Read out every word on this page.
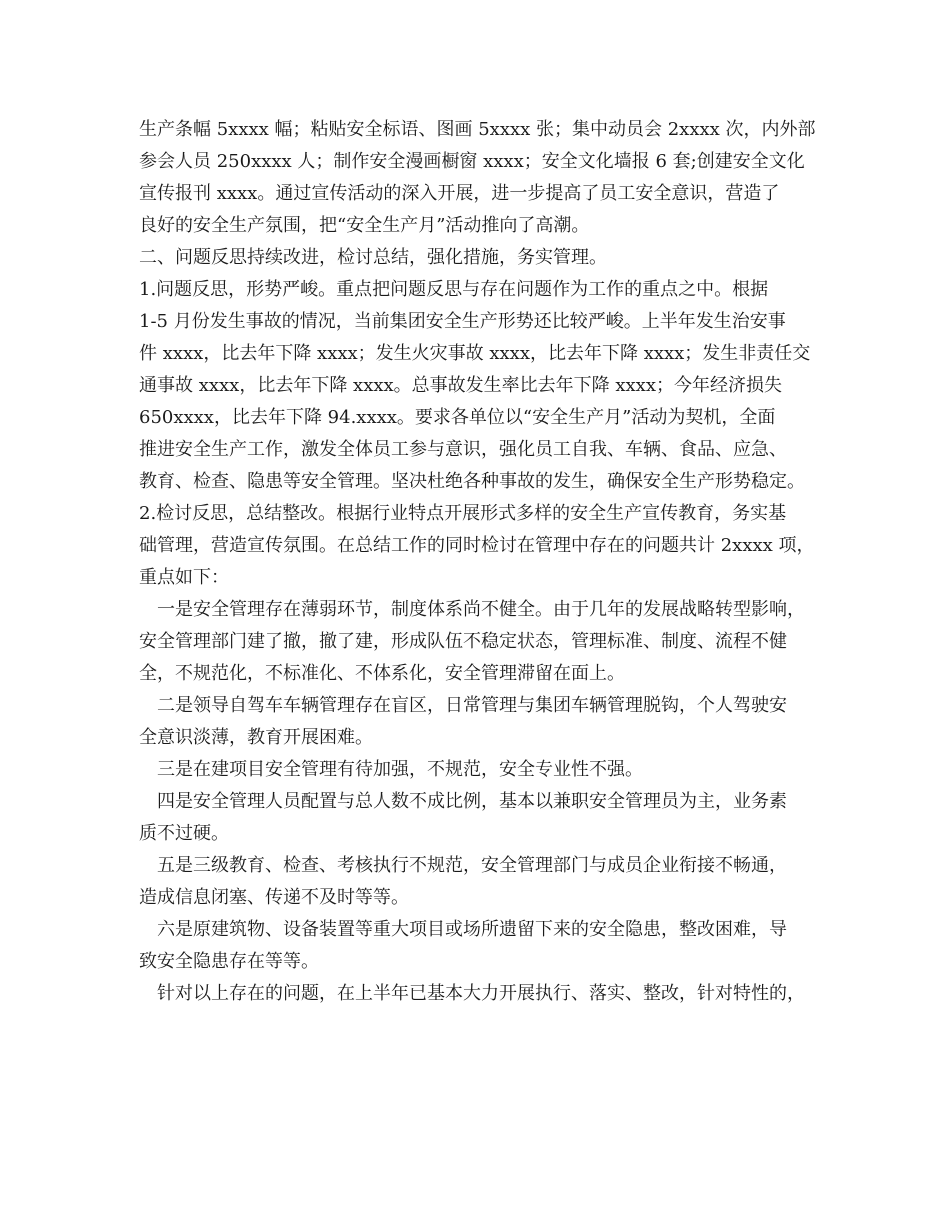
生产条幅 5xxxx 幅；粘贴安全标语、图画 5xxxx 张；集中动员会 2xxxx 次，内外部
参会人员 250xxxx 人；制作安全漫画橱窗 xxxx；安全文化墙报 6 套;创建安全文化
宣传报刊 xxxx。通过宣传活动的深入开展，进一步提高了员工安全意识，营造了
良好的安全生产氛围，把“安全生产月”活动推向了高潮。
二、问题反思持续改进，检讨总结，强化措施，务实管理。
1.问题反思，形势严峻。重点把问题反思与存在问题作为工作的重点之中。根据
1-5 月份发生事故的情况，当前集团安全生产形势还比较严峻。上半年发生治安事
件 xxxx，比去年下降 xxxx；发生火灾事故 xxxx，比去年下降 xxxx；发生非责任交
通事故 xxxx，比去年下降 xxxx。总事故发生率比去年下降 xxxx；今年经济损失
650xxxx，比去年下降 94.xxxx。要求各单位以“安全生产月”活动为契机，全面
推进安全生产工作，激发全体员工参与意识，强化员工自我、车辆、食品、应急、
教育、检查、隐患等安全管理。坚决杜绝各种事故的发生，确保安全生产形势稳定。
2.检讨反思，总结整改。根据行业特点开展形式多样的安全生产宣传教育，务实基
础管理，营造宣传氛围。在总结工作的同时检讨在管理中存在的问题共计 2xxxx 项，
重点如下：
一是安全管理存在薄弱环节，制度体系尚不健全。由于几年的发展战略转型影响，
安全管理部门建了撤，撤了建，形成队伍不稳定状态，管理标准、制度、流程不健
全，不规范化，不标准化、不体系化，安全管理滞留在面上。
二是领导自驾车车辆管理存在盲区，日常管理与集团车辆管理脱钩，个人驾驶安
全意识淡薄，教育开展困难。
三是在建项目安全管理有待加强，不规范，安全专业性不强。
四是安全管理人员配置与总人数不成比例，基本以兼职安全管理员为主，业务素
质不过硬。
五是三级教育、检查、考核执行不规范，安全管理部门与成员企业衔接不畅通，
造成信息闭塞、传递不及时等等。
六是原建筑物、设备装置等重大项目或场所遗留下来的安全隐患，整改困难，导
致安全隐患存在等等。
针对以上存在的问题，在上半年已基本大力开展执行、落实、整改，针对特性的，
